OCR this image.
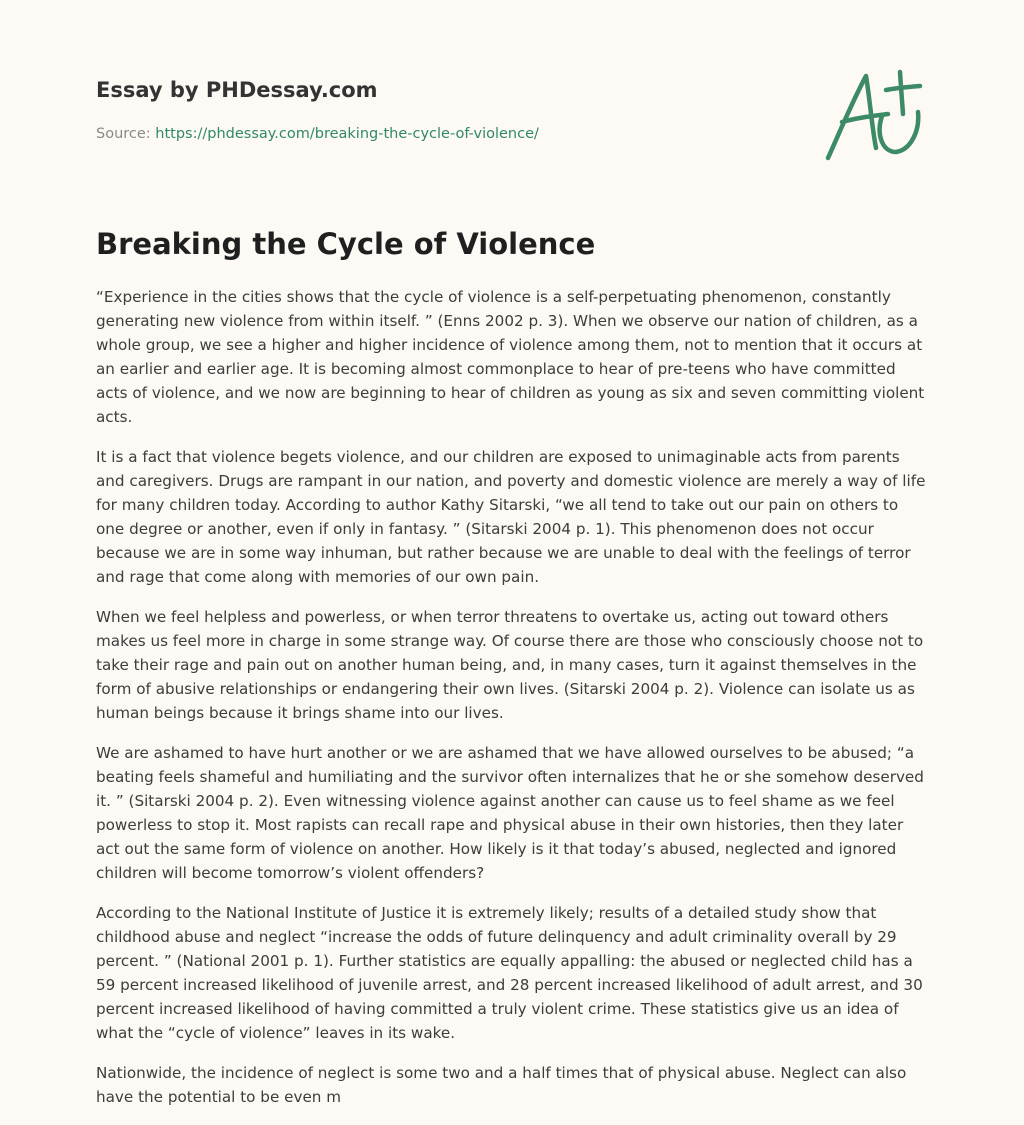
Essay by PHDessay.com
Source: https://phdessay.com/breaking-the-cycle-of-violence/
Breaking the Cycle of Violence

“Experience in the cities shows that the cycle of violence is a self-perpetuating phenomenon, constantly generating new violence from within itself. ” (Enns 2002 p. 3). When we observe our nation of children, as a whole group, we see a higher and higher incidence of violence among them, not to mention that it occurs at an earlier and earlier age. It is becoming almost commonplace to hear of pre-teens who have committed acts of violence, and we now are beginning to hear of children as young as six and seven committing violent acts.

It is a fact that violence begets violence, and our children are exposed to unimaginable acts from parents and caregivers. Drugs are rampant in our nation, and poverty and domestic violence are merely a way of life for many children today. According to author Kathy Sitarski, “we all tend to take out our pain on others to one degree or another, even if only in fantasy. ” (Sitarski 2004 p. 1). This phenomenon does not occur because we are in some way inhuman, but rather because we are unable to deal with the feelings of terror and rage that come along with memories of our own pain.

When we feel helpless and powerless, or when terror threatens to overtake us, acting out toward others makes us feel more in charge in some strange way. Of course there are those who consciously choose not to take their rage and pain out on another human being, and, in many cases, turn it against themselves in the form of abusive relationships or endangering their own lives. (Sitarski 2004 p. 2). Violence can isolate us as human beings because it brings shame into our lives.

We are ashamed to have hurt another or we are ashamed that we have allowed ourselves to be abused; “a beating feels shameful and humiliating and the survivor often internalizes that he or she somehow deserved it. ” (Sitarski 2004 p. 2). Even witnessing violence against another can cause us to feel shame as we feel powerless to stop it. Most rapists can recall rape and physical abuse in their own histories, then they later act out the same form of violence on another. How likely is it that today’s abused, neglected and ignored children will become tomorrow’s violent offenders?

According to the National Institute of Justice it is extremely likely; results of a detailed study show that childhood abuse and neglect “increase the odds of future delinquency and adult criminality overall by 29 percent. ” (National 2001 p. 1). Further statistics are equally appalling: the abused or neglected child has a 59 percent increased likelihood of juvenile arrest, and 28 percent increased likelihood of adult arrest, and 30 percent increased likelihood of having committed a truly violent crime. These statistics give us an idea of what the “cycle of violence” leaves in its wake.

Nationwide, the incidence of neglect is some two and a half times that of physical abuse. Neglect can also have the potential to be even m
